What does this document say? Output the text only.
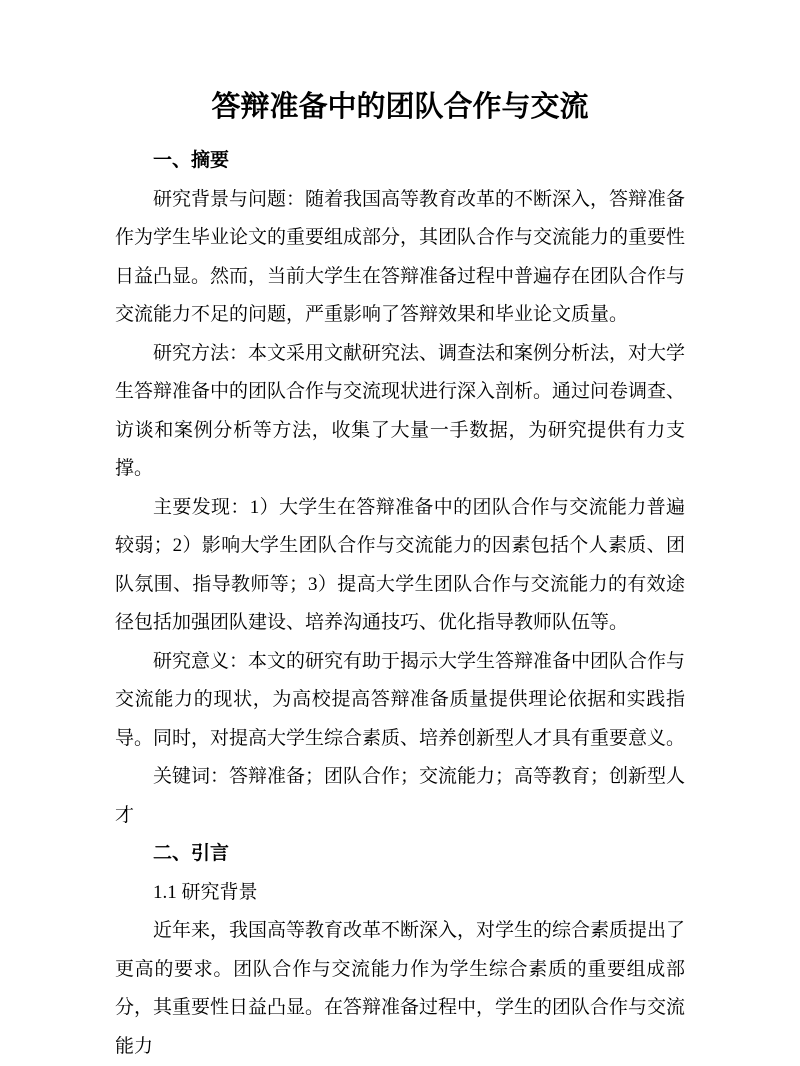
答辩准备中的团队合作与交流
一、摘要

研究背景与问题：随着我国高等教育改革的不断深入，答辩准备作为学生毕业论文的重要组成部分，其团队合作与交流能力的重要性日益凸显。然而，当前大学生在答辩准备过程中普遍存在团队合作与交流能力不足的问题，严重影响了答辩效果和毕业论文质量。

研究方法：本文采用文献研究法、调查法和案例分析法，对大学生答辩准备中的团队合作与交流现状进行深入剖析。通过问卷调查、访谈和案例分析等方法，收集了大量一手数据，为研究提供有力支撑。

主要发现：1）大学生在答辩准备中的团队合作与交流能力普遍较弱；2）影响大学生团队合作与交流能力的因素包括个人素质、团队氛围、指导教师等；3）提高大学生团队合作与交流能力的有效途径包括加强团队建设、培养沟通技巧、优化指导教师队伍等。

研究意义：本文的研究有助于揭示大学生答辩准备中团队合作与交流能力的现状，为高校提高答辩准备质量提供理论依据和实践指导。同时，对提高大学生综合素质、培养创新型人才具有重要意义。

关键词：答辩准备；团队合作；交流能力；高等教育；创新型人才

二、引言

1.1 研究背景

近年来，我国高等教育改革不断深入，对学生的综合素质提出了更高的要求。团队合作与交流能力作为学生综合素质的重要组成部分，其重要性日益凸显。在答辩准备过程中，学生的团队合作与交流能力
